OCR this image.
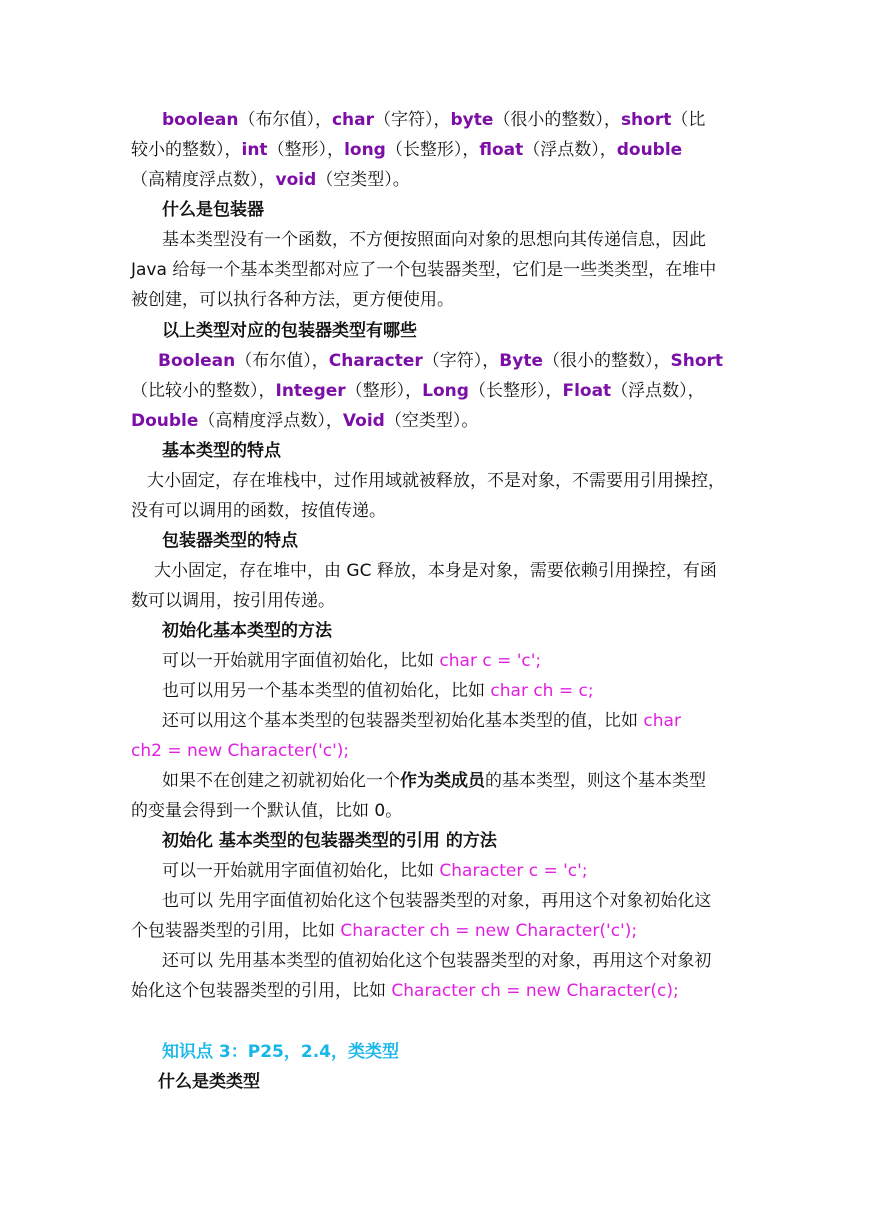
boolean（布尔值），char（字符），byte（很小的整数），short（比
较小的整数），int（整形），long（长整形），float（浮点数），double
（高精度浮点数），void（空类型）。
什么是包装器
基本类型没有一个函数，不方便按照面向对象的思想向其传递信息，因此
Java 给每一个基本类型都对应了一个包装器类型，它们是一些类类型，在堆中
被创建，可以执行各种方法，更方便使用。
以上类型对应的包装器类型有哪些
Boolean（布尔值），Character（字符），Byte（很小的整数），Short
（比较小的整数），Integer（整形），Long（长整形），Float（浮点数），
Double（高精度浮点数），Void（空类型）。
基本类型的特点
大小固定，存在堆栈中，过作用域就被释放，不是对象，不需要用引用操控，
没有可以调用的函数，按值传递。
包装器类型的特点
大小固定，存在堆中，由 GC 释放，本身是对象，需要依赖引用操控，有函
数可以调用，按引用传递。
初始化基本类型的方法
可以一开始就用字面值初始化，比如 char c = 'c';
也可以用另一个基本类型的值初始化，比如 char ch = c;
还可以用这个基本类型的包装器类型初始化基本类型的值，比如 char
ch2 = new Character('c');
如果不在创建之初就初始化一个作为类成员的基本类型，则这个基本类型
的变量会得到一个默认值，比如 0。
初始化 基本类型的包装器类型的引用 的方法
可以一开始就用字面值初始化，比如 Character c = 'c';
也可以 先用字面值初始化这个包装器类型的对象，再用这个对象初始化这
个包装器类型的引用，比如 Character ch = new Character('c');
还可以 先用基本类型的值初始化这个包装器类型的对象，再用这个对象初
始化这个包装器类型的引用，比如 Character ch = new Character(c);
知识点 3：P25，2.4，类类型
什么是类类型
